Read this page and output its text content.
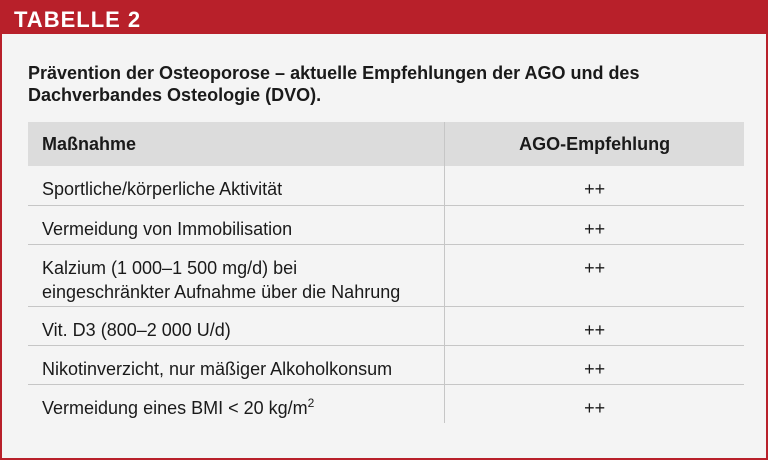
TABELLE 2
Prävention der Osteoporose – aktuelle Empfehlungen der AGO und des Dachverbandes Osteologie (DVO).
Maßnahme	AGO-Empfehlung
Sportliche/körperliche Aktivität	++
Vermeidung von Immobilisation	++
Kalzium (1 000–1 500 mg/d) bei eingeschränkter Aufnahme über die Nahrung	++
Vit. D3 (800–2 000 U/d)	++
Nikotinverzicht, nur mäßiger Alkoholkonsum	++
Vermeidung eines BMI < 20 $kg/m^2$	++
